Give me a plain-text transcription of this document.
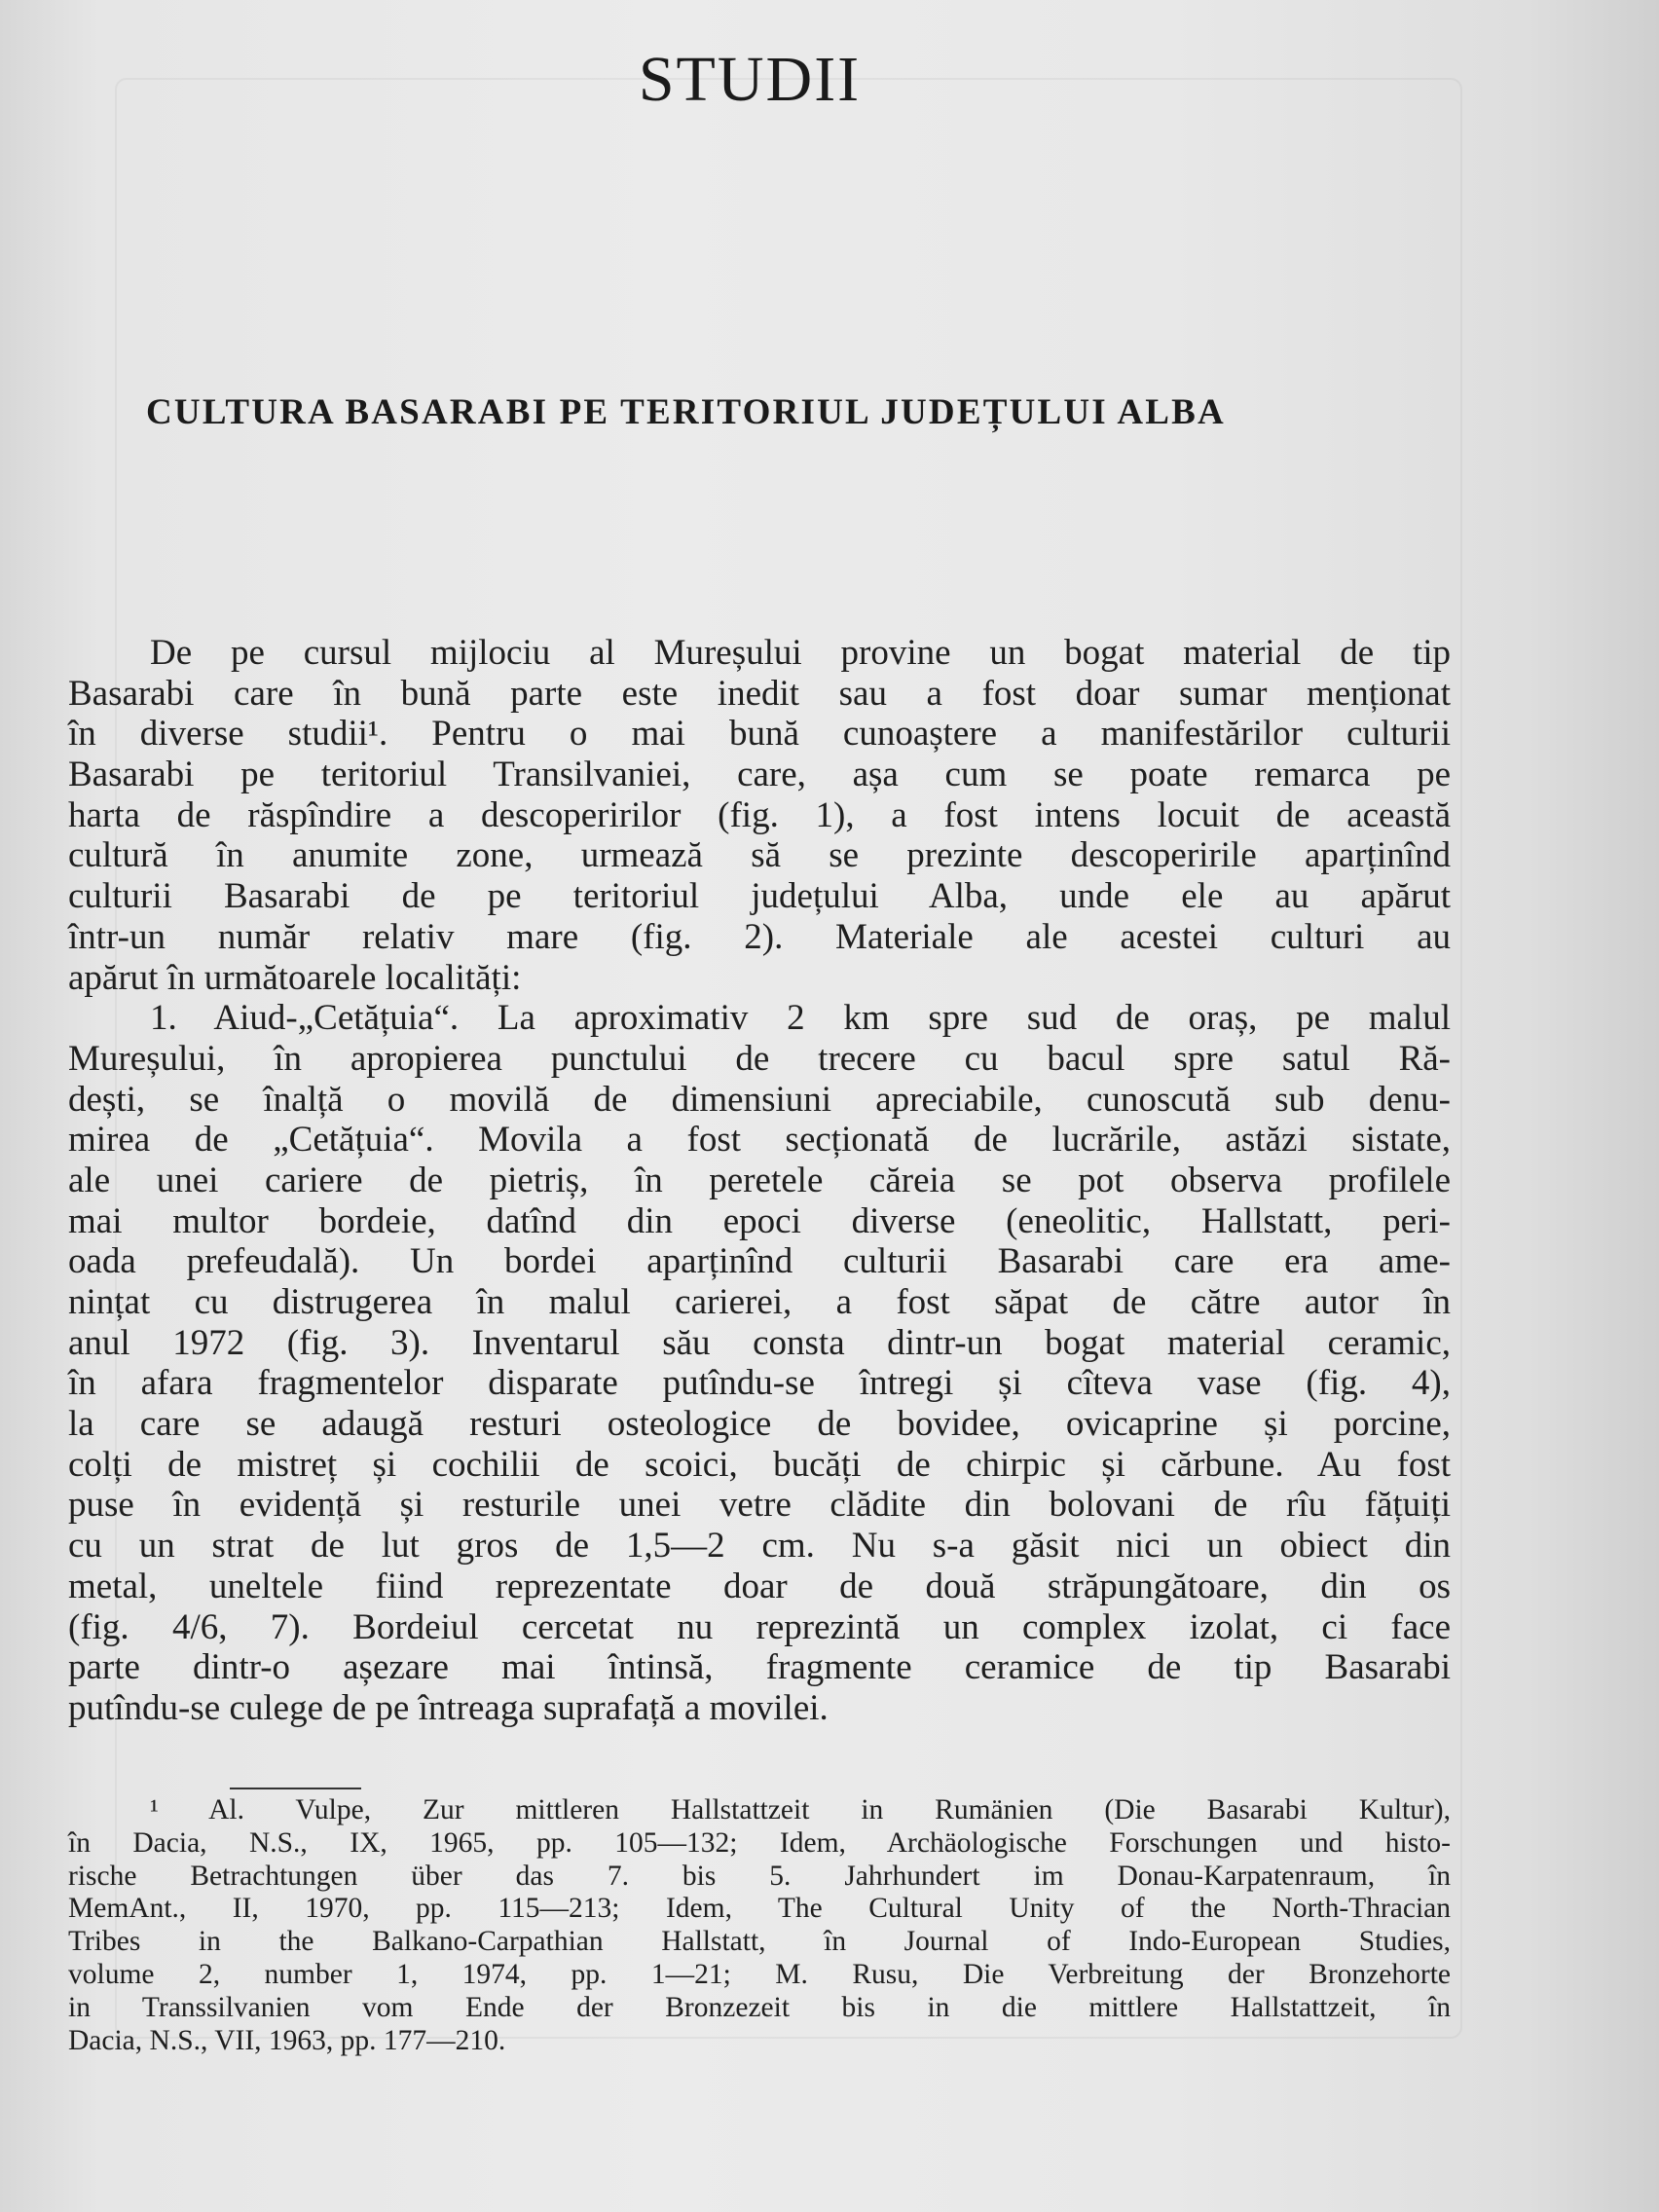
STUDII
CULTURA BASARABI PE TERITORIUL JUDEȚULUI ALBA
De pe cursul mijlociu al Mureșului provine un bogat material de tip
Basarabi care în bună parte este inedit sau a fost doar sumar menționat
în diverse studii¹. Pentru o mai bună cunoaștere a manifestărilor culturii
Basarabi pe teritoriul Transilvaniei, care, așa cum se poate remarca pe
harta de răspîndire a descoperirilor (fig. 1), a fost intens locuit de această
cultură în anumite zone, urmează să se prezinte descoperirile aparținînd
culturii Basarabi de pe teritoriul județului Alba, unde ele au apărut
într-un număr relativ mare (fig. 2). Materiale ale acestei culturi au
apărut în următoarele localități:
1. Aiud-„Cetățuia“. La aproximativ 2 km spre sud de oraș, pe malul
Mureșului, în apropierea punctului de trecere cu bacul spre satul Ră-
dești, se înalță o movilă de dimensiuni apreciabile, cunoscută sub denu-
mirea de „Cetățuia“. Movila a fost secționată de lucrările, astăzi sistate,
ale unei cariere de pietriș, în peretele căreia se pot observa profilele
mai multor bordeie, datînd din epoci diverse (eneolitic, Hallstatt, peri-
oada prefeudală). Un bordei aparținînd culturii Basarabi care era ame-
nințat cu distrugerea în malul carierei, a fost săpat de către autor în
anul 1972 (fig. 3). Inventarul său consta dintr-un bogat material ceramic,
în afara fragmentelor disparate putîndu-se întregi și cîteva vase (fig. 4),
la care se adaugă resturi osteologice de bovidee, ovicaprine și porcine,
colți de mistreț și cochilii de scoici, bucăți de chirpic și cărbune. Au fost
puse în evidență și resturile unei vetre clădite din bolovani de rîu fățuiți
cu un strat de lut gros de 1,5—2 cm. Nu s-a găsit nici un obiect din
metal, uneltele fiind reprezentate doar de două străpungătoare, din os
(fig. 4/6, 7). Bordeiul cercetat nu reprezintă un complex izolat, ci face
parte dintr-o așezare mai întinsă, fragmente ceramice de tip Basarabi
putîndu-se culege de pe întreaga suprafață a movilei.
¹ Al. Vulpe, Zur mittleren Hallstattzeit in Rumänien (Die Basarabi Kultur),
în Dacia, N.S., IX, 1965, pp. 105—132; Idem, Archäologische Forschungen und histo-
rische Betrachtungen über das 7. bis 5. Jahrhundert im Donau-Karpatenraum, în
MemAnt., II, 1970, pp. 115—213; Idem, The Cultural Unity of the North-Thracian
Tribes in the Balkano-Carpathian Hallstatt, în Journal of Indo-European Studies,
volume 2, number 1, 1974, pp. 1—21; M. Rusu, Die Verbreitung der Bronzehorte
in Transsilvanien vom Ende der Bronzezeit bis in die mittlere Hallstattzeit, în
Dacia, N.S., VII, 1963, pp. 177—210.
